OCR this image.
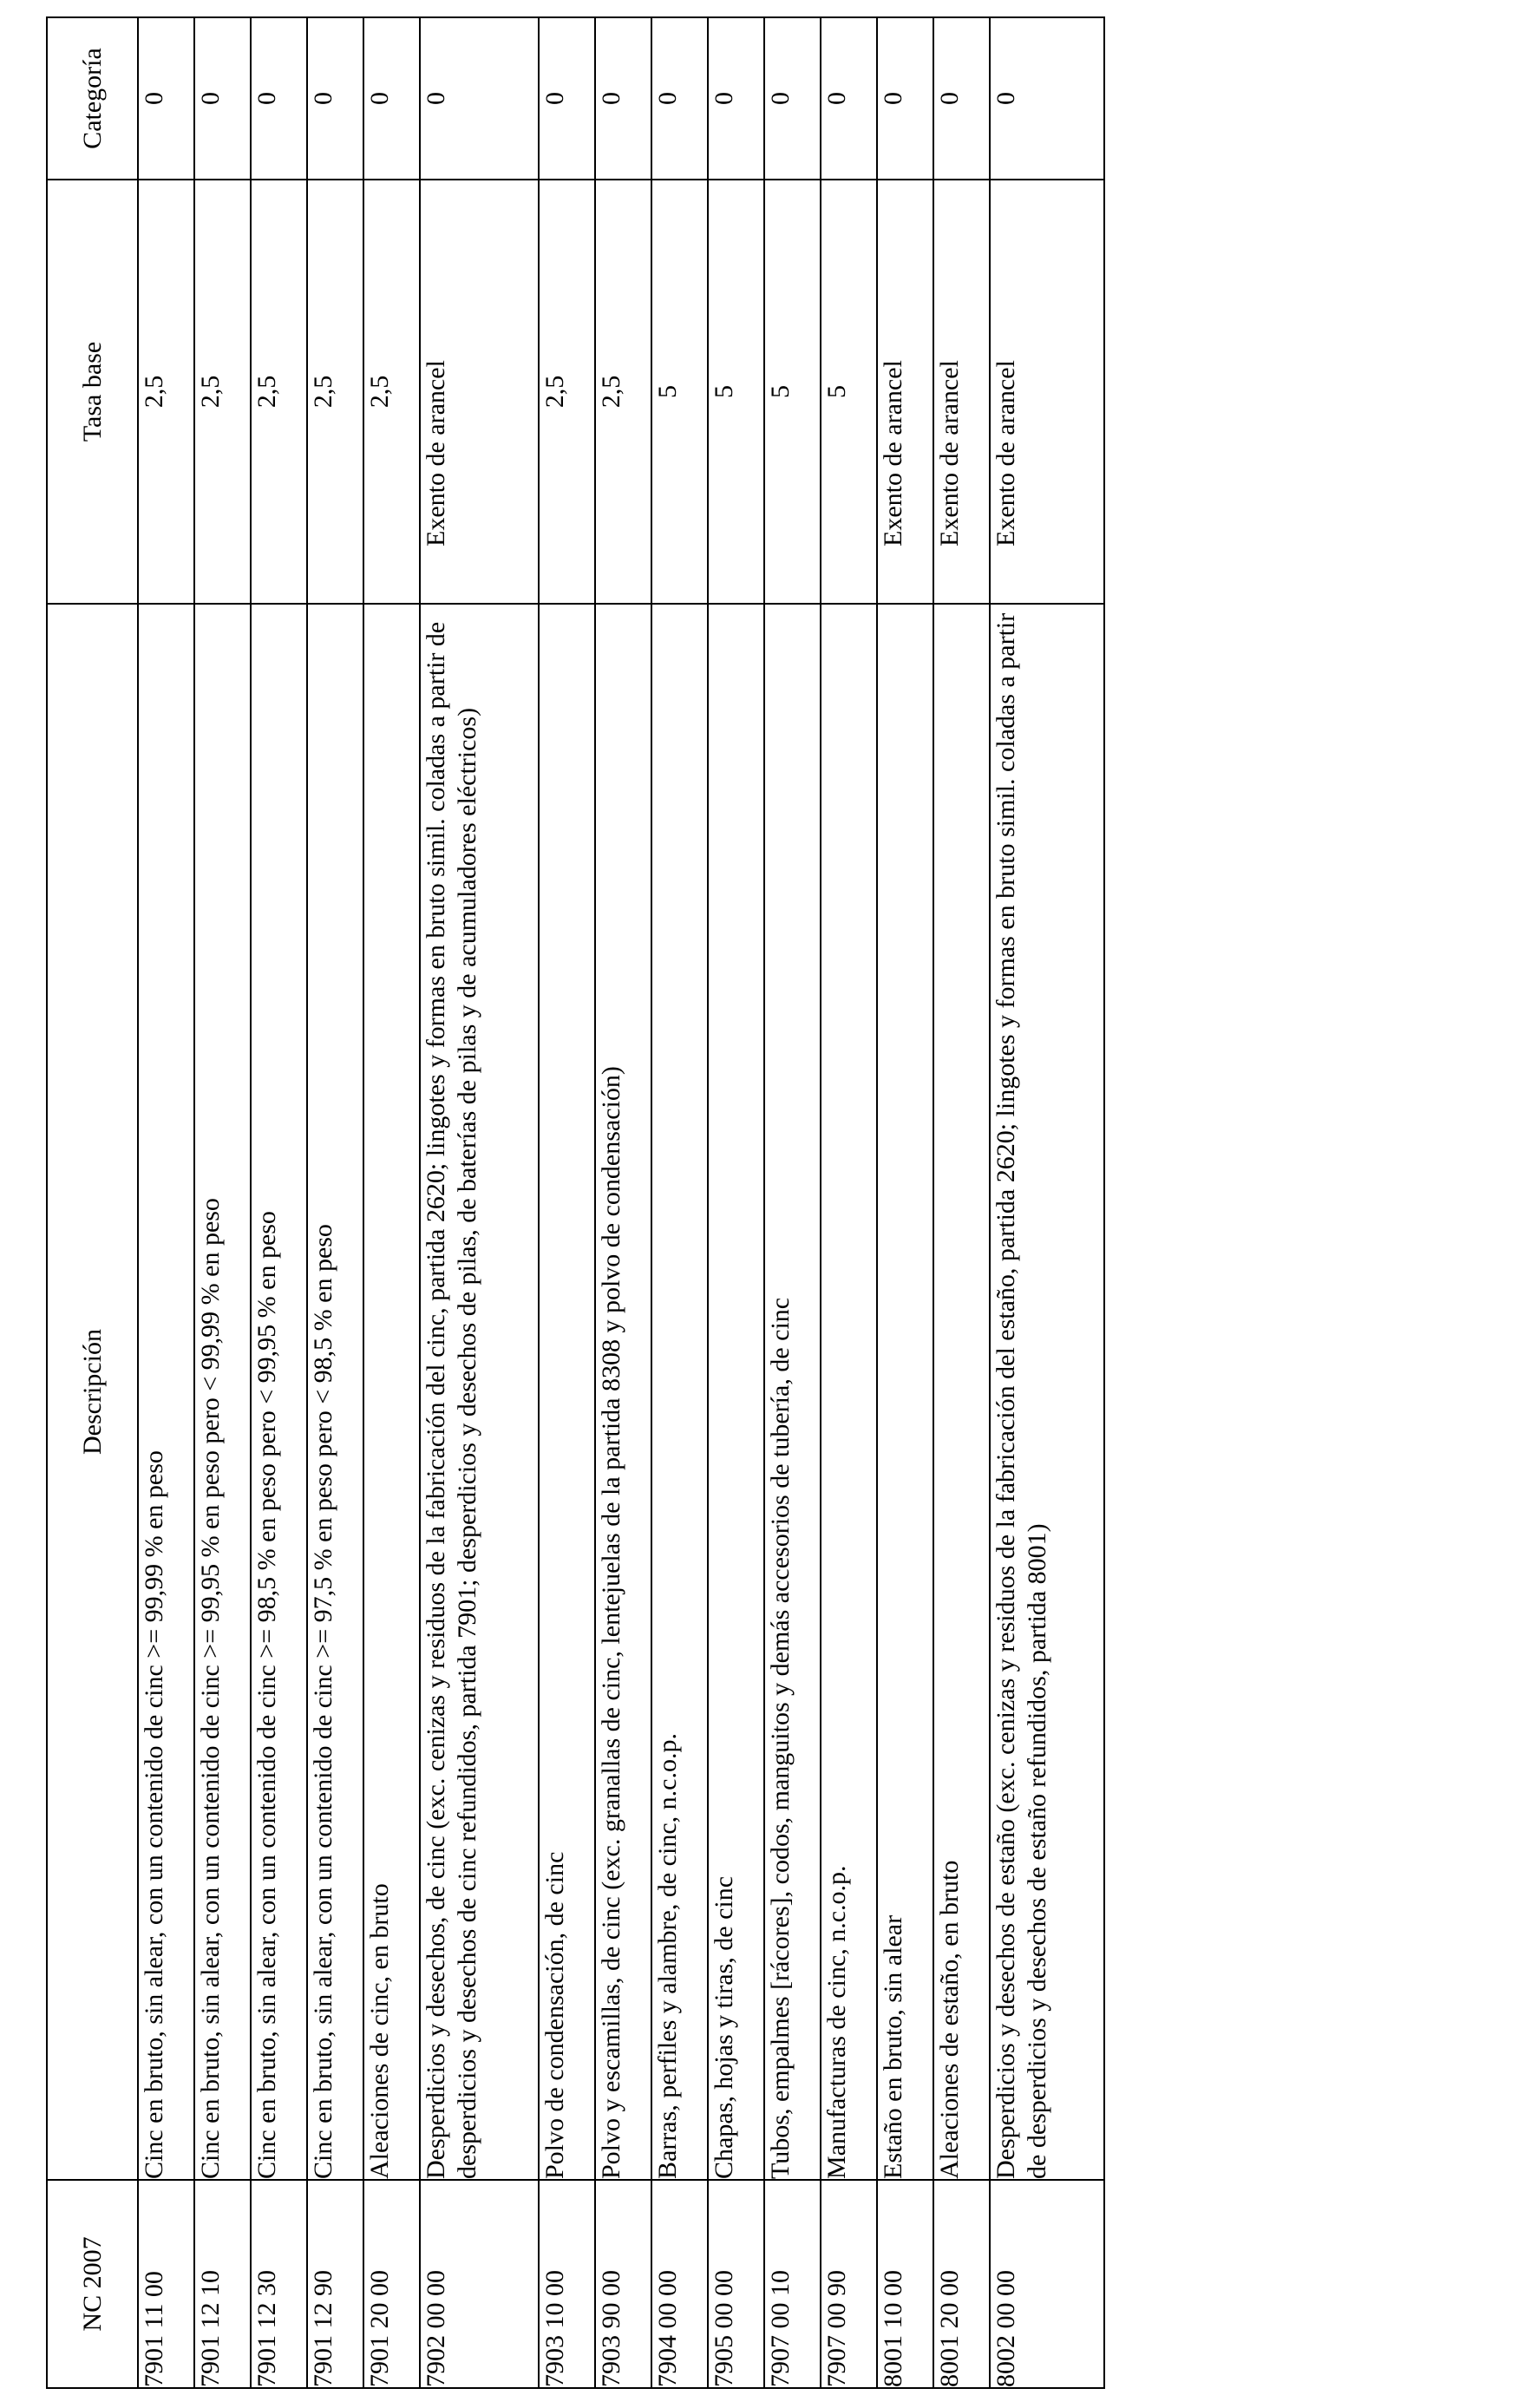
NC 2007	Descripción	Tasa base	Categoría
7901 11 00	Cinc en bruto, sin alear, con un contenido de cinc >= 99,99 % en peso	2,5	0
7901 12 10	Cinc en bruto, sin alear, con un contenido de cinc >= 99,95 % en peso pero < 99,99 % en peso	2,5	0
7901 12 30	Cinc en bruto, sin alear, con un contenido de cinc >= 98,5 % en peso pero < 99,95 % en peso	2,5	0
7901 12 90	Cinc en bruto, sin alear, con un contenido de cinc >= 97,5 % en peso pero < 98,5 % en peso	2,5	0
7901 20 00	Aleaciones de cinc, en bruto	2,5	0
7902 00 00	Desperdicios y desechos, de cinc (exc. cenizas y residuos de la fabricación del cinc, partida 2620; lingotes y formas en bruto simil. coladas a partir de desperdicios y desechos de cinc refundidos, partida 7901; desperdicios y desechos de pilas, de baterías de pilas y de acumuladores eléctricos)	Exento de arancel	0
7903 10 00	Polvo de condensación, de cinc	2,5	0
7903 90 00	Polvo y escamillas, de cinc (exc. granallas de cinc, lentejuelas de la partida 8308 y polvo de condensación)	2,5	0
7904 00 00	Barras, perfiles y alambre, de cinc, n.c.o.p.	5	0
7905 00 00	Chapas, hojas y tiras, de cinc	5	0
7907 00 10	Tubos, empalmes [rácores], codos, manguitos y demás accesorios de tubería, de cinc	5	0
7907 00 90	Manufacturas de cinc, n.c.o.p.	5	0
8001 10 00	Estaño en bruto, sin alear	Exento de arancel	0
8001 20 00	Aleaciones de estaño, en bruto	Exento de arancel	0
8002 00 00	Desperdicios y desechos de estaño (exc. cenizas y residuos de la fabricación del estaño, partida 2620; lingotes y formas en bruto simil. coladas a partir de desperdicios y desechos de estaño refundidos, partida 8001)	Exento de arancel	0
